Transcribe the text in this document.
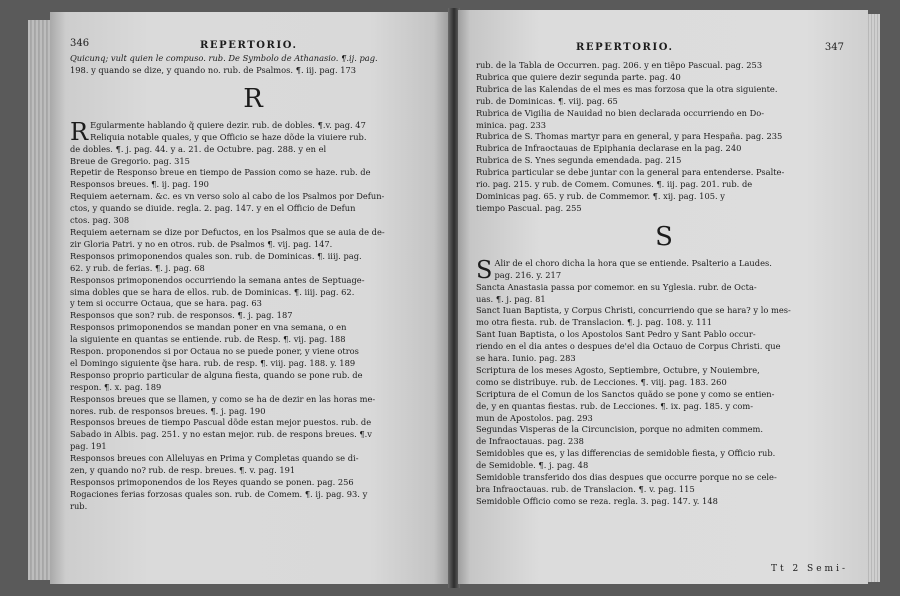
346	REPERTORIO.

Quicunq; vult quien le compuso. rub. De Symbolo de Athanasio. ¶.ij. pag.

198. y quando se dize, y quando no. rub. de Psalmos. ¶. iij. pag. 173

R
R Egularmente hablando q̃ quiere dezir. rub. de dobles. ¶.v. pag. 47

Reliquia notable quales, y que Officio se haze dõde la viuiere rub.

de dobles. ¶. j. pag. 44. y a. 21. de Octubre. pag. 288. y en el

Breue de Gregorio. pag. 315

Repetir de Responso breue en tiempo de Passion como se haze. rub. de

Responsos breues. ¶. ij. pag. 190

Requiem aeternam. &c. es vn verso solo al cabo de los Psalmos por Defun-

ctos, y quando se diuide. regla. 2. pag. 147. y en el Officio de Defun

ctos. pag. 308

Requiem aeternam se dize por Defuctos, en los Psalmos que se auia de de-

zir Gloria Patri. y no en otros. rub. de Psalmos ¶. vij. pag. 147.

Responsos primoponendos quales son. rub. de Dominicas. ¶. iiij. pag.

62. y rub. de ferias. ¶. j. pag. 68

Responsos primoponendos occurriendo la semana antes de Septuage-

sima dobles que se hara de ellos. rub. de Dominicas. ¶. iiij. pag. 62.

y tem si occurre Octaua, que se hara. pag. 63

Responsos que son? rub. de responsos. ¶. j. pag. 187

Responsos primoponendos se mandan poner en vna semana, o en

la siguiente en quantas se entiende. rub. de Resp. ¶. vij. pag. 188

Respon. proponendos si por Octaua no se puede poner, y viene otros

el Domingo siguiente q̃se hara. rub. de resp. ¶. viij. pag. 188. y. 189

Responso proprio particular de alguna fiesta, quando se pone rub. de

respon. ¶. x. pag. 189

Responsos breues que se llamen, y como se ha de dezir en las horas me-

nores. rub. de responsos breues. ¶. j. pag. 190

Responsos breues de tiempo Pascual dõde estan mejor puestos. rub. de

Sabado in Albis. pag. 251. y no estan mejor. rub. de respons breues. ¶.v

pag. 191

Responsos breues con Alleluyas en Prima y Completas quando se di-

zen, y quando no? rub. de resp. breues. ¶. v. pag. 191

Responsos primoponendos de los Reyes quando se ponen. pag. 256

Rogaciones ferias forzosas quales son. rub. de Comem. ¶. ij. pag. 93. y

rub.

REPERTORIO.	347

rub. de la Tabla de Occurren. pag. 206. y en tiẽpo Pascual. pag. 253

Rubrica que quiere dezir segunda parte. pag. 40

Rubrica de las Kalendas de el mes es mas forzosa que la otra siguiente.

rub. de Dominicas. ¶. viij. pag. 65

Rubrica de Vigilia de Nauidad no bien declarada occurriendo en Do-

minica. pag. 233

Rubrica de S. Thomas martyr para en general, y para Hespaña. pag. 235

Rubrica de Infraoctauas de Epiphania declarase en la pag. 240

Rubrica de S. Ynes segunda emendada. pag. 215

Rubrica particular se debe juntar con la general para entenderse. Psalte-

rio. pag. 215. y rub. de Comem. Comunes. ¶. iij. pag. 201. rub. de

Dominicas pag. 65. y rub. de Commemor. ¶. xij. pag. 105. y

tiempo Pascual. pag. 255

S
S Alir de el choro dicha la hora que se entiende. Psalterio a Laudes.

pag. 216. y. 217

Sancta Anastasia passa por comemor. en su Yglesia. rubr. de Octa-

uas. ¶. j. pag. 81

Sanct Iuan Baptista, y Corpus Christi, concurriendo que se hara? y lo mes-

mo otra fiesta. rub. de Translacion. ¶. j. pag. 108. y. 111

Sant Iuan Baptista, o los Apostolos Sant Pedro y Sant Pablo occur-

riendo en el dia antes o despues de'el dia Octauo de Corpus Christi. que

se hara. Iunio. pag. 283

Scriptura de los meses Agosto, Septiembre, Octubre, y Nouiembre,

como se distribuye. rub. de Lecciones. ¶. viij. pag. 183. 260

Scriptura de el Comun de los Sanctos quãdo se pone y como se entien-

de, y en quantas fiestas. rub. de Lecciones. ¶. ix. pag. 185. y com-

mun de Apostolos. pag. 293

Segundas Visperas de la Circuncision, porque no admiten commem.

de Infraoctauas. pag. 238

Semidobles que es, y las differencias de semidoble fiesta, y Officio rub.

de Semidoble. ¶. j. pag. 48

Semidoble transferido dos dias despues que occurre porque no se cele-

bra Infraoctauas. rub. de Translacion. ¶. v. pag. 115

Semidoble Officio como se reza. regla. 3. pag. 147. y. 148

Tt 2 Semi-
